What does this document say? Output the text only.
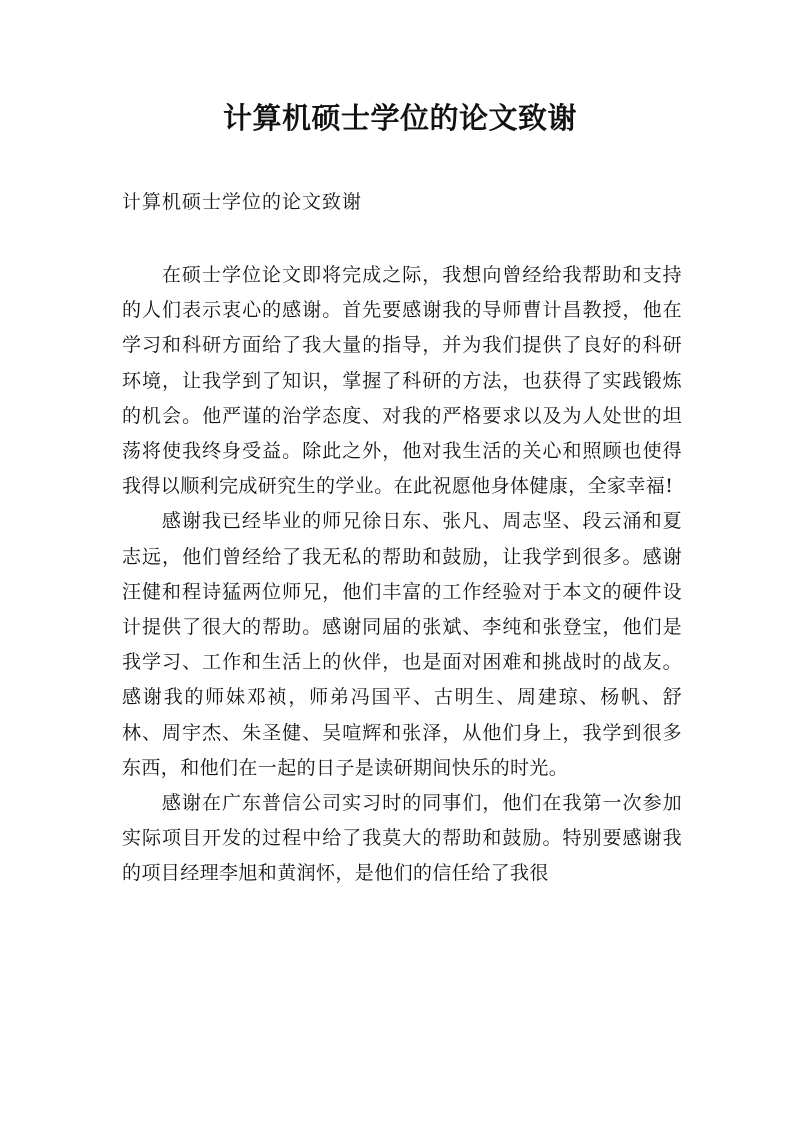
计算机硕士学位的论文致谢

计算机硕士学位的论文致谢

在硕士学位论文即将完成之际，我想向曾经给我帮助和支持的人们表示衷心的感谢。首先要感谢我的导师曹计昌教授，他在学习和科研方面给了我大量的指导，并为我们提供了良好的科研环境，让我学到了知识，掌握了科研的方法，也获得了实践锻炼的机会。他严谨的治学态度、对我的严格要求以及为人处世的坦荡将使我终身受益。除此之外，他对我生活的关心和照顾也使得我得以顺利完成研究生的学业。在此祝愿他身体健康，全家幸福!

感谢我已经毕业的师兄徐日东、张凡、周志坚、段云涌和夏志远，他们曾经给了我无私的帮助和鼓励，让我学到很多。感谢汪健和程诗猛两位师兄，他们丰富的工作经验对于本文的硬件设计提供了很大的帮助。感谢同届的张斌、李纯和张登宝，他们是我学习、工作和生活上的伙伴，也是面对困难和挑战时的战友。感谢我的师妹邓祯，师弟冯国平、古明生、周建琼、杨帆、舒林、周宇杰、朱圣健、吴喧辉和张泽，从他们身上，我学到很多东西，和他们在一起的日子是读研期间快乐的时光。

感谢在广东普信公司实习时的同事们，他们在我第一次参加实际项目开发的过程中给了我莫大的帮助和鼓励。特别要感谢我的项目经理李旭和黄润怀，是他们的信任给了我很
